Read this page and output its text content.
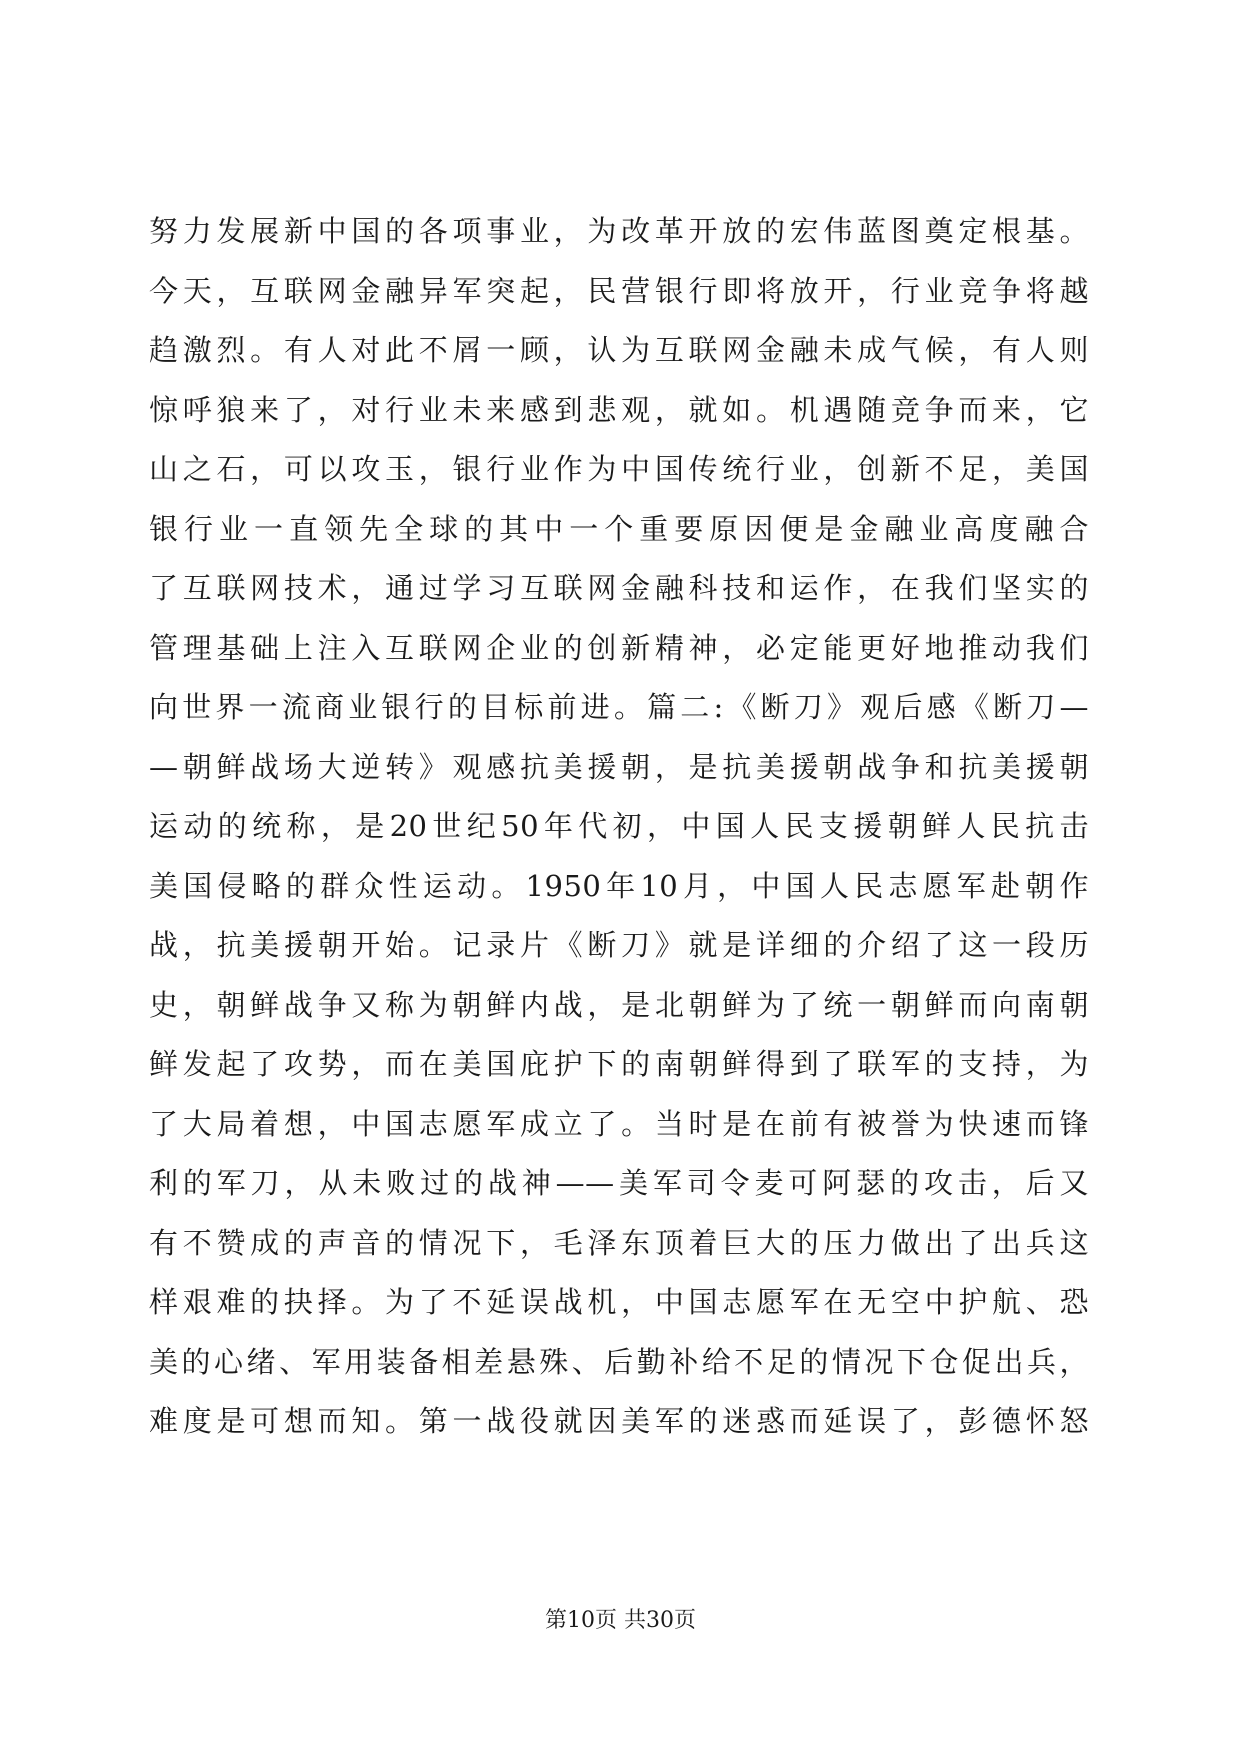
努力发展新中国的各项事业，为改革开放的宏伟蓝图奠定根基。
今天，互联网金融异军突起，民营银行即将放开，行业竞争将越
趋激烈。有人对此不屑一顾，认为互联网金融未成气候，有人则
惊呼狼来了，对行业未来感到悲观，就如。机遇随竞争而来，它
山之石，可以攻玉，银行业作为中国传统行业，创新不足，美国
银行业一直领先全球的其中一个重要原因便是金融业高度融合
了互联网技术，通过学习互联网金融科技和运作，在我们坚实的
管理基础上注入互联网企业的创新精神，必定能更好地推动我们
向世界一流商业银行的目标前进。篇二:《断刀》观后感《断刀—
—朝鲜战场大逆转》观感抗美援朝，是抗美援朝战争和抗美援朝
运动的统称，是20世纪50年代初，中国人民支援朝鲜人民抗击
美国侵略的群众性运动。1950年10月，中国人民志愿军赴朝作
战，抗美援朝开始。记录片《断刀》就是详细的介绍了这一段历
史，朝鲜战争又称为朝鲜内战，是北朝鲜为了统一朝鲜而向南朝
鲜发起了攻势，而在美国庇护下的南朝鲜得到了联军的支持，为
了大局着想，中国志愿军成立了。当时是在前有被誉为快速而锋
利的军刀，从未败过的战神——美军司令麦可阿瑟的攻击，后又
有不赞成的声音的情况下，毛泽东顶着巨大的压力做出了出兵这
样艰难的抉择。为了不延误战机，中国志愿军在无空中护航、恐
美的心绪、军用装备相差悬殊、后勤补给不足的情况下仓促出兵，
难度是可想而知。第一战役就因美军的迷惑而延误了，彭德怀怒
第10页 共30页
